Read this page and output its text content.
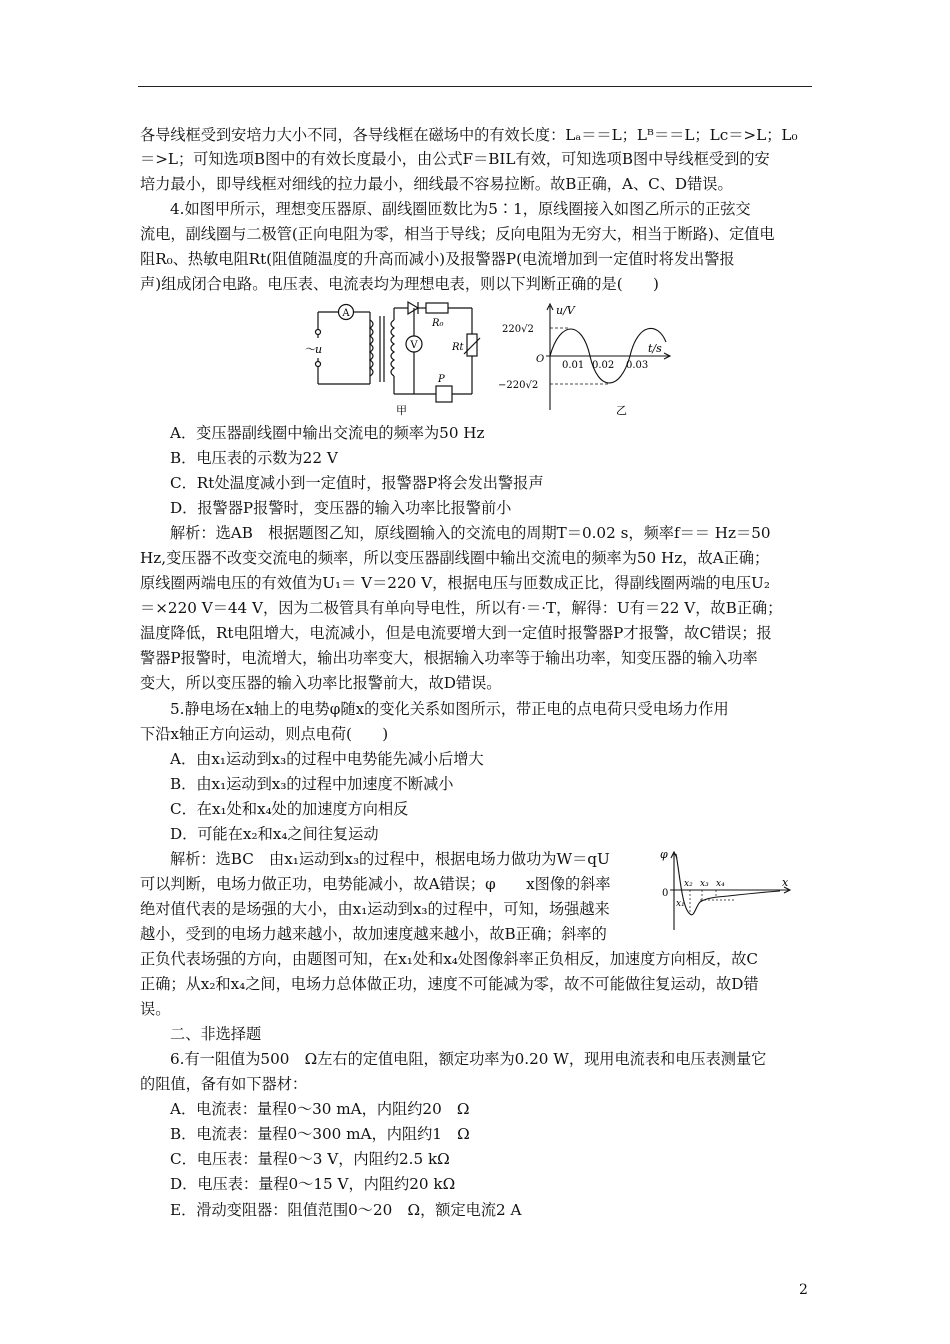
各导线框受到安培力大小不同，各导线框在磁场中的有效长度：Lₐ＝＝L；Lᴮ＝＝L；Lc＝>L；L₀
＝>L；可知选项B图中的有效长度最小，由公式F＝BIL有效，可知选项B图中导线框受到的安
培力最小，即导线框对细线的拉力最小，细线最不容易拉断。故B正确，A、C、D错误。
4.如图甲所示，理想变压器原、副线圈匝数比为5∶1，原线圈接入如图乙所示的正弦交
流电，副线圈与二极管(正向电阻为零，相当于导线；反向电阻为无穷大，相当于断路)、定值电
阻R₀、热敏电阻Rt(阻值随温度的升高而减小)及报警器P(电流增加到一定值时将发出警报
声)组成闭合电路。电压表、电流表均为理想电表，则以下判断正确的是(　　)
A
V
～u
R₀
Rt
P
甲
u/V
t/s
220√2
−220√2
O
0.01 0.02 0.03
乙
A．变压器副线圈中输出交流电的频率为50 Hz
B．电压表的示数为22 V
C．Rt处温度减小到一定值时，报警器P将会发出警报声
D．报警器P报警时，变压器的输入功率比报警前小
解析：选AB　根据题图乙知，原线圈输入的交流电的周期T＝0.02 s，频率f＝＝ Hz＝50
Hz,变压器不改变交流电的频率，所以变压器副线圈中输出交流电的频率为50 Hz，故A正确；
原线圈两端电压的有效值为U₁＝ V＝220 V，根据电压与匝数成正比，得副线圈两端的电压U₂
＝×220 V＝44 V，因为二极管具有单向导电性，所以有·＝·T，解得：U有＝22 V，故B正确；
温度降低，Rt电阻增大，电流减小，但是电流要增大到一定值时报警器P才报警，故C错误；报
警器P报警时，电流增大，输出功率变大，根据输入功率等于输出功率，知变压器的输入功率
变大，所以变压器的输入功率比报警前大，故D错误。
5.静电场在x轴上的电势φ随x的变化关系如图所示，带正电的点电荷只受电场力作用
下沿x轴正方向运动，则点电荷(　　)
A．由x₁运动到x₃的过程中电势能先减小后增大
B．由x₁运动到x₃的过程中加速度不断减小
C．在x₁处和x₄处的加速度方向相反
D．可能在x₂和x₄之间往复运动
解析：选BC　由x₁运动到x₃的过程中，根据电场力做功为W＝qU
可以判断，电场力做正功，电势能减小，故A错误；φ　　x图像的斜率
绝对值代表的是场强的大小，由x₁运动到x₃的过程中，可知，场强越来
越小，受到的电场力越来越小，故加速度越来越小，故B正确；斜率的
φ
x
0
x₁
x₂ x₃ x₄
正负代表场强的方向，由题图可知，在x₁处和x₄处图像斜率正负相反，加速度方向相反，故C
正确；从x₂和x₄之间，电场力总体做正功，速度不可能减为零，故不可能做往复运动，故D错
误。
二、非选择题
6.有一阻值为500　Ω左右的定值电阻，额定功率为0.20 W，现用电流表和电压表测量它
的阻值，备有如下器材：
A．电流表：量程0～30 mA，内阻约20　Ω
B．电流表：量程0～300 mA，内阻约1　Ω
C．电压表：量程0～3 V，内阻约2.5 kΩ
D．电压表：量程0～15 V，内阻约20 kΩ
E．滑动变阻器：阻值范围0～20　Ω，额定电流2 A
2
